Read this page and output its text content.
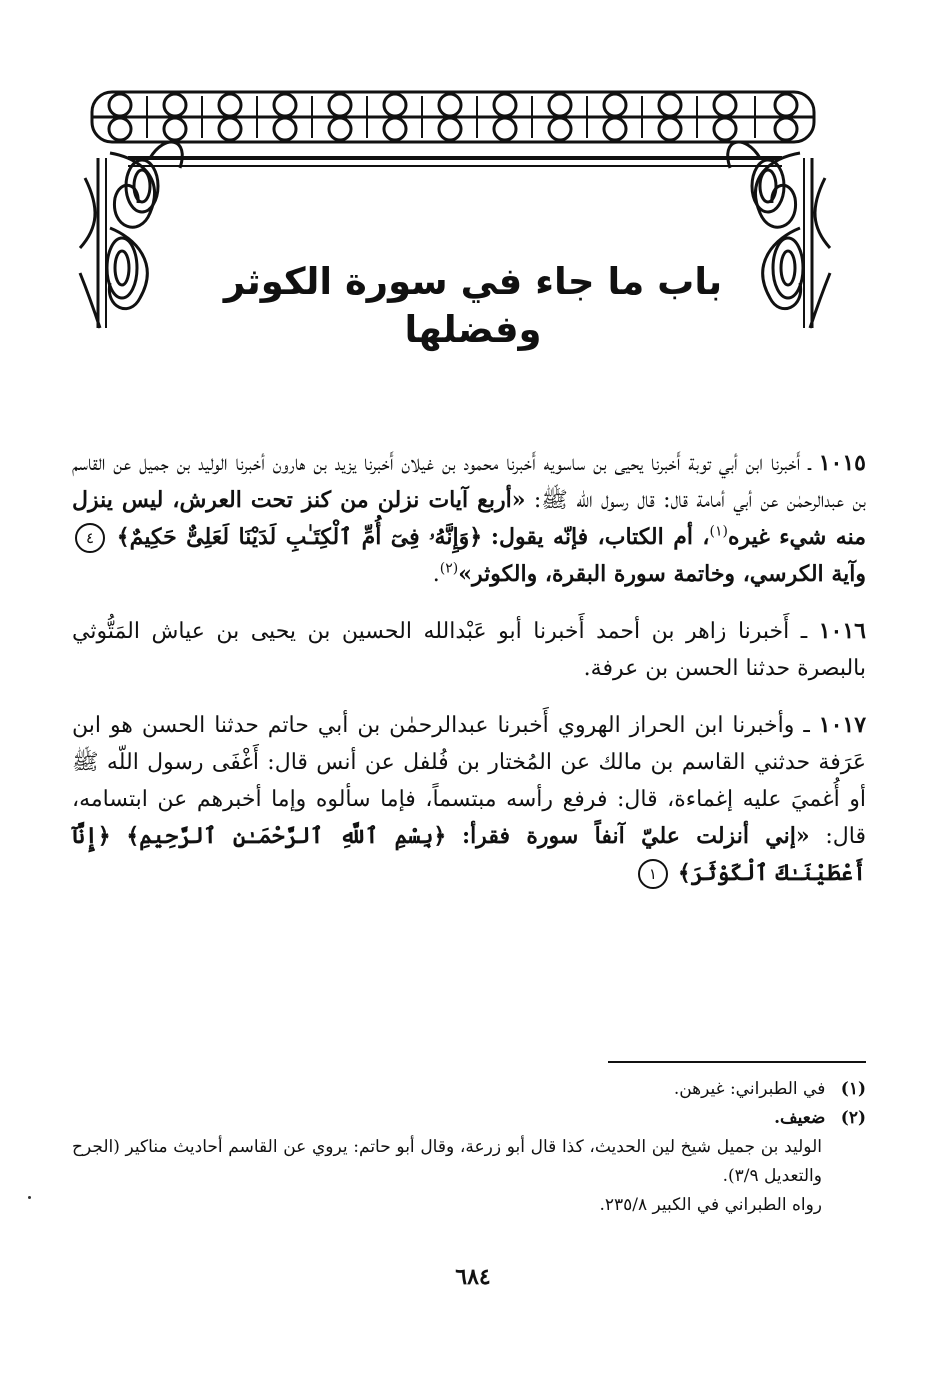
باب ما جاء في سورة الكوثر وفضلها

١٠١٥ ـ أَخبرنا ابن أبي توبة أَخبرنا يحيى بن ساسويه أَخبرنا محمود بن غيلان أَخبرنا يزيد بن هارون أخبرنا الوليد بن جميل عن القاسم بن عبدالرحمٰن عن أبي أمامة قال: قال رسول الله ﷺ: «أربع آيات نزلن من كنز تحت العرش، ليس ينزل منه شيء غيره$^{(١)}$، أم الكتاب، فإنّه يقول: ﴿وَإِنَّهُۥ فِىٓ أُمِّ ٱلْكِتَـٰبِ لَدَيْنَا لَعَلِىٌّ حَكِيمٌ﴾ ٤ وآية الكرسي، وخاتمة سورة البقرة، والكوثر»$^{(٢)}$.

١٠١٦ ـ أَخبرنا زاهر بن أحمد أَخبرنا أبو عَبْدالله الحسين بن يحيى بن عياش المَتُّوثي بالبصرة حدثنا الحسن بن عرفة.

١٠١٧ ـ وأخبرنا ابن الحراز الهروي أَخبرنا عبدالرحمٰن بن أبي حاتم حدثنا الحسن هو ابن عَرَفة حدثني القاسم بن مالك عن المُختار بن فُلفل عن أنس قال: أَغْفَى رسول اللّه ﷺ أو أُغميَ عليه إغماءة، قال: فرفع رأسه مبتسماً، فإما سألوه وإما أخبرهم عن ابتسامه، قال: «إني أنزلت عليّ آنفاً سورة فقرأ: ﴿بِسْمِ ٱللَّهِ ٱلرَّحْمَـٰنِ ٱلرَّحِيمِ﴾ ﴿إِنَّآ أَعْطَيْنَـٰكَ ٱلْكَوْثَرَ﴾ ١

(١) في الطبراني: غيرهن.

(٢) ضعيف.

الوليد بن جميل شيخ لين الحديث، كذا قال أبو زرعة، وقال أبو حاتم: يروي عن القاسم أحاديث مناكير (الجرح والتعديل ٣/٩).

رواه الطبراني في الكبير ٢٣٥/٨.

٦٨٤
